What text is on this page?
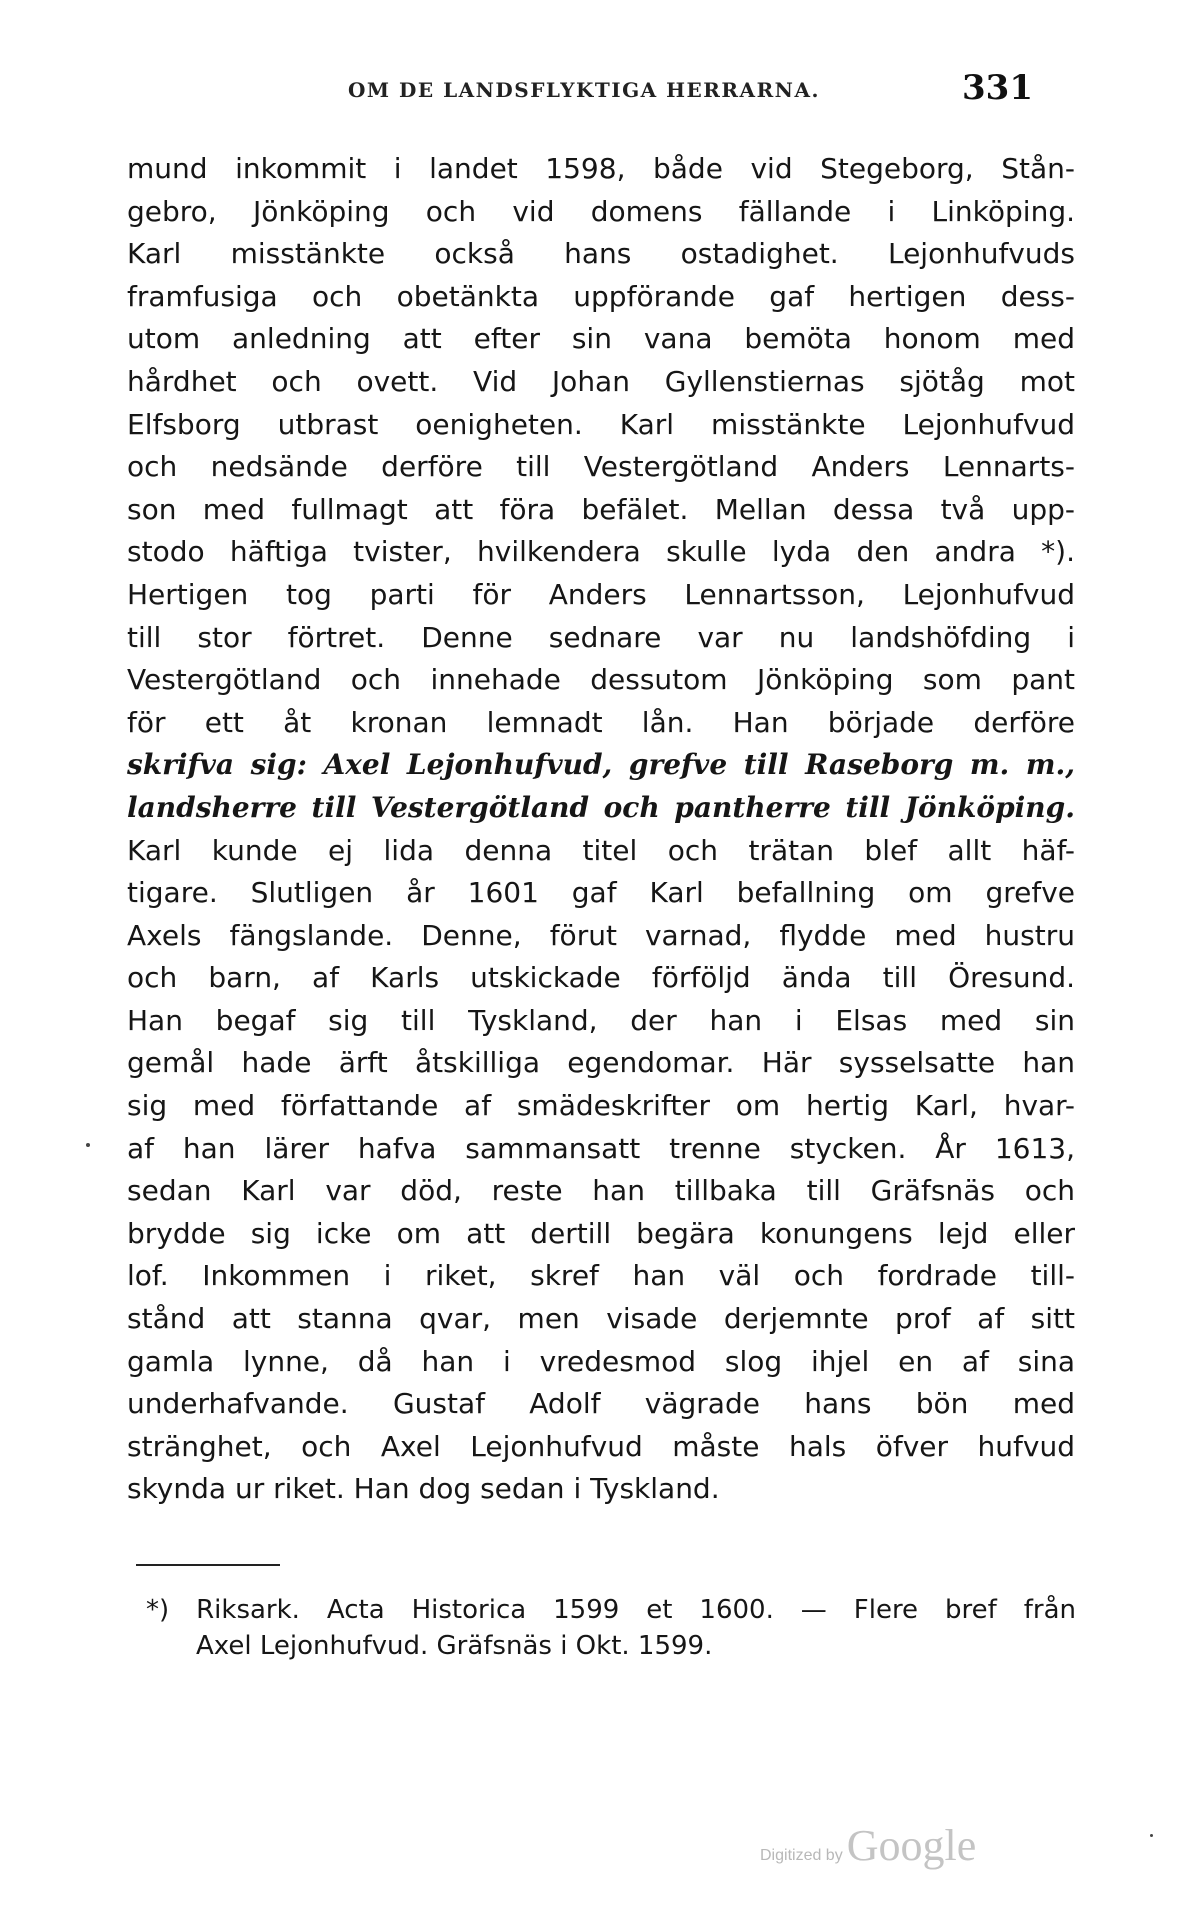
OM DE LANDSFLYKTIGA HERRARNA.	331
mund inkommit i landet 1598, både vid Stegeborg, Stån-
gebro, Jönköping och vid domens fällande i Linköping.
Karl misstänkte också hans ostadighet. Lejonhufvuds
framfusiga och obetänkta uppförande gaf hertigen dess-
utom anledning att efter sin vana bemöta honom med
hårdhet och ovett. Vid Johan Gyllenstiernas sjötåg mot
Elfsborg utbrast oenigheten. Karl misstänkte Lejonhufvud
och nedsände derföre till Vestergötland Anders Lennarts-
son med fullmagt att föra befälet. Mellan dessa två upp-
stodo häftiga tvister, hvilkendera skulle lyda den andra *).
Hertigen tog parti för Anders Lennartsson, Lejonhufvud
till stor förtret. Denne sednare var nu landshöfding i
Vestergötland och innehade dessutom Jönköping som pant
för ett åt kronan lemnadt lån. Han började derföre
skrifva sig: Axel Lejonhufvud, grefve till Raseborg m. m.,
landsherre till Vestergötland och pantherre till Jönköping.
Karl kunde ej lida denna titel och trätan blef allt häf-
tigare. Slutligen år 1601 gaf Karl befallning om grefve
Axels fängslande. Denne, förut varnad, flydde med hustru
och barn, af Karls utskickade förföljd ända till Öresund.
Han begaf sig till Tyskland, der han i Elsas med sin
gemål hade ärft åtskilliga egendomar. Här sysselsatte han
sig med författande af smädeskrifter om hertig Karl, hvar-
af han lärer hafva sammansatt trenne stycken. År 1613,
sedan Karl var död, reste han tillbaka till Gräfsnäs och
brydde sig icke om att dertill begära konungens lejd eller
lof. Inkommen i riket, skref han väl och fordrade till-
stånd att stanna qvar, men visade derjemnte prof af sitt
gamla lynne, då han i vredesmod slog ihjel en af sina
underhafvande. Gustaf Adolf vägrade hans bön med
stränghet, och Axel Lejonhufvud måste hals öfver hufvud
skynda ur riket. Han dog sedan i Tyskland.
*) Riksark. Acta Historica 1599 et 1600. — Flere bref från
Axel Lejonhufvud. Gräfsnäs i Okt. 1599.
Digitized by Google
